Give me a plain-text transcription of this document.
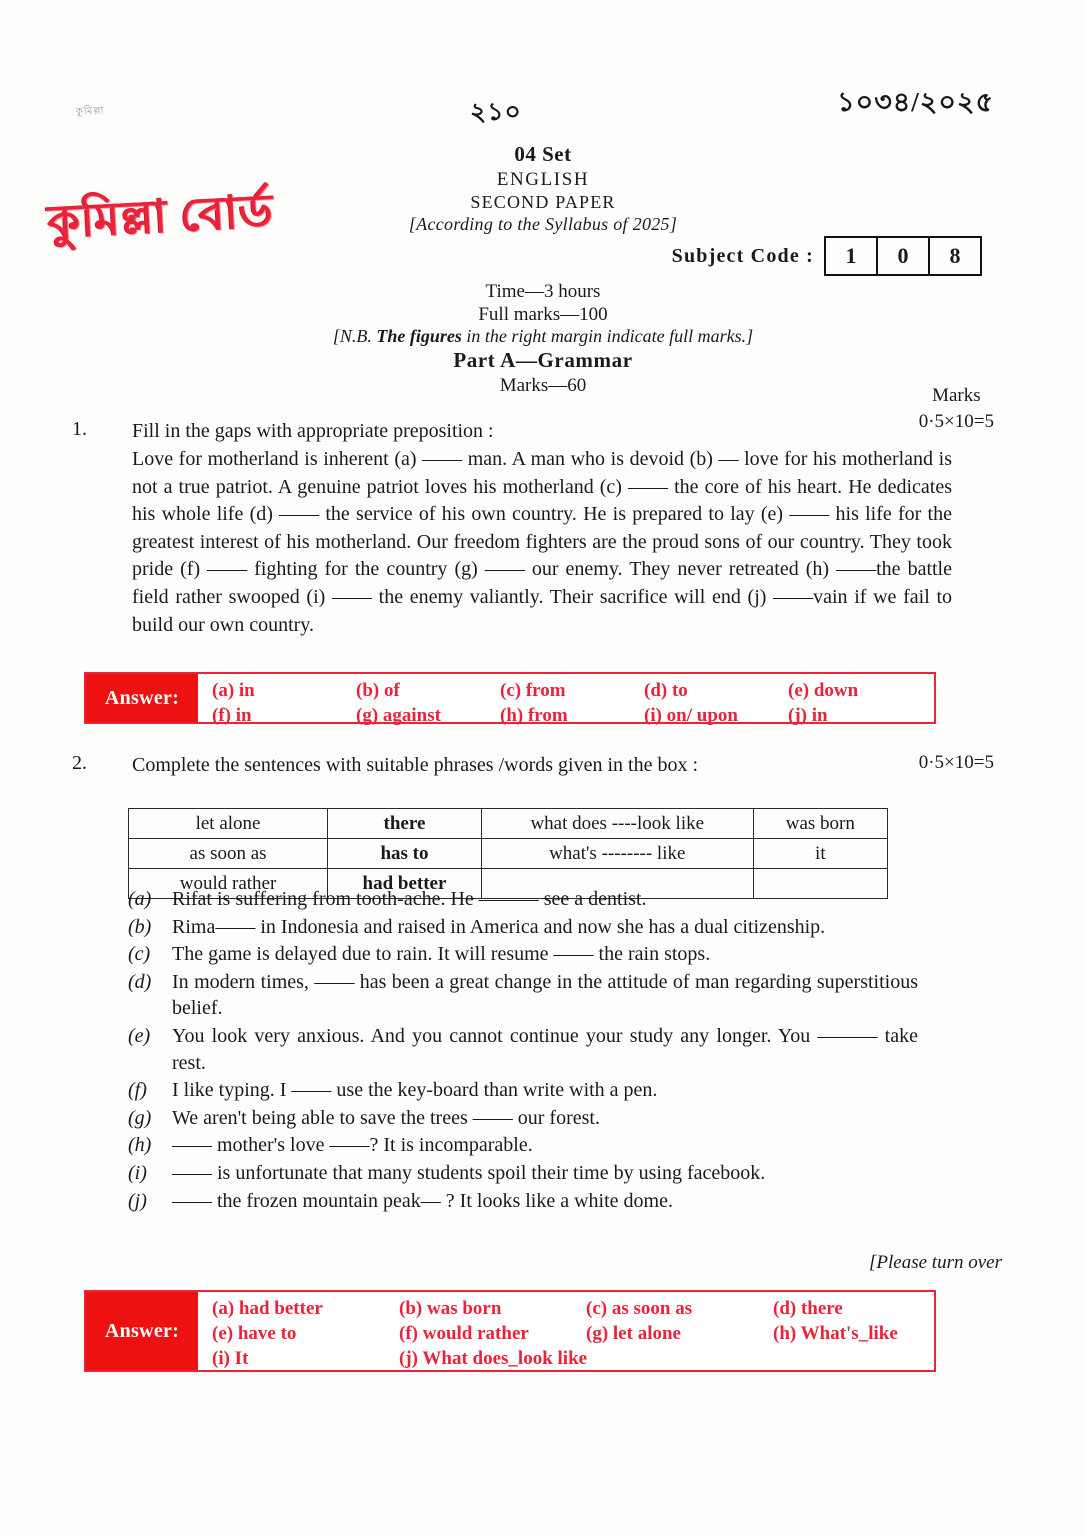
কুমিল্লা	২১০	১০৩৪/২০২৫
কুমিল্লা বোর্ড
04 Set
ENGLISH
SECOND PAPER
[According to the Syllabus of 2025]
Subject Code :	1	0	8
Time—3 hours
Full marks—100
[N.B. The figures in the right margin indicate full marks.]
Part A—Grammar
Marks—60	Marks
0·5×10=5
1.	Fill in the gaps with appropriate preposition :
Love for motherland is inherent (a) —— man. A man who is devoid (b) — love for his motherland is not a true patriot. A genuine patriot loves his motherland (c) —— the core of his heart. He dedicates his whole life (d) —— the service of his own country. He is prepared to lay (e) —— his life for the greatest interest of his motherland. Our freedom fighters are the proud sons of our country. They took pride (f) —— fighting for the country (g) —— our enemy. They never retreated (h) ——the battle field rather swooped (i) —— the enemy valiantly. Their sacrifice will end (j) ——vain if we fail to build our own country.
Answer:	(a) in	(b) of	(c) from	(d) to	(e) down
(f) in	(g) against	(h) from	(i) on/ upon	(j) in
2.	Complete the sentences with suitable phrases /words given in the box :	0·5×10=5
let alone	there	what does ----look like	was born
as soon as	has to	what's -------- like	it
would rather	had better		
(a)	Rifat is suffering from tooth-ache. He ——— see a dentist.
(b)	Rima—— in Indonesia and raised in America and now she has a dual citizenship.
(c)	The game is delayed due to rain. It will resume —— the rain stops.
(d)	In modern times, —— has been a great change in the attitude of man regarding superstitious belief.
(e)	You look very anxious. And you cannot continue your study any longer. You ——— take rest.
(f)	I like typing. I —— use the key-board than write with a pen.
(g)	We aren't being able to save the trees —— our forest.
(h)	—— mother's love ——? It is incomparable.
(i)	—— is unfortunate that many students spoil their time by using facebook.
(j)	—— the frozen mountain peak— ? It looks like a white dome.
[Please turn over
Answer:
(a) had better	(b) was born	(c) as soon as	(d) there
(e) have to	(f) would rather	(g) let alone	(h) What's_like
(i) It	(j) What does_look like
